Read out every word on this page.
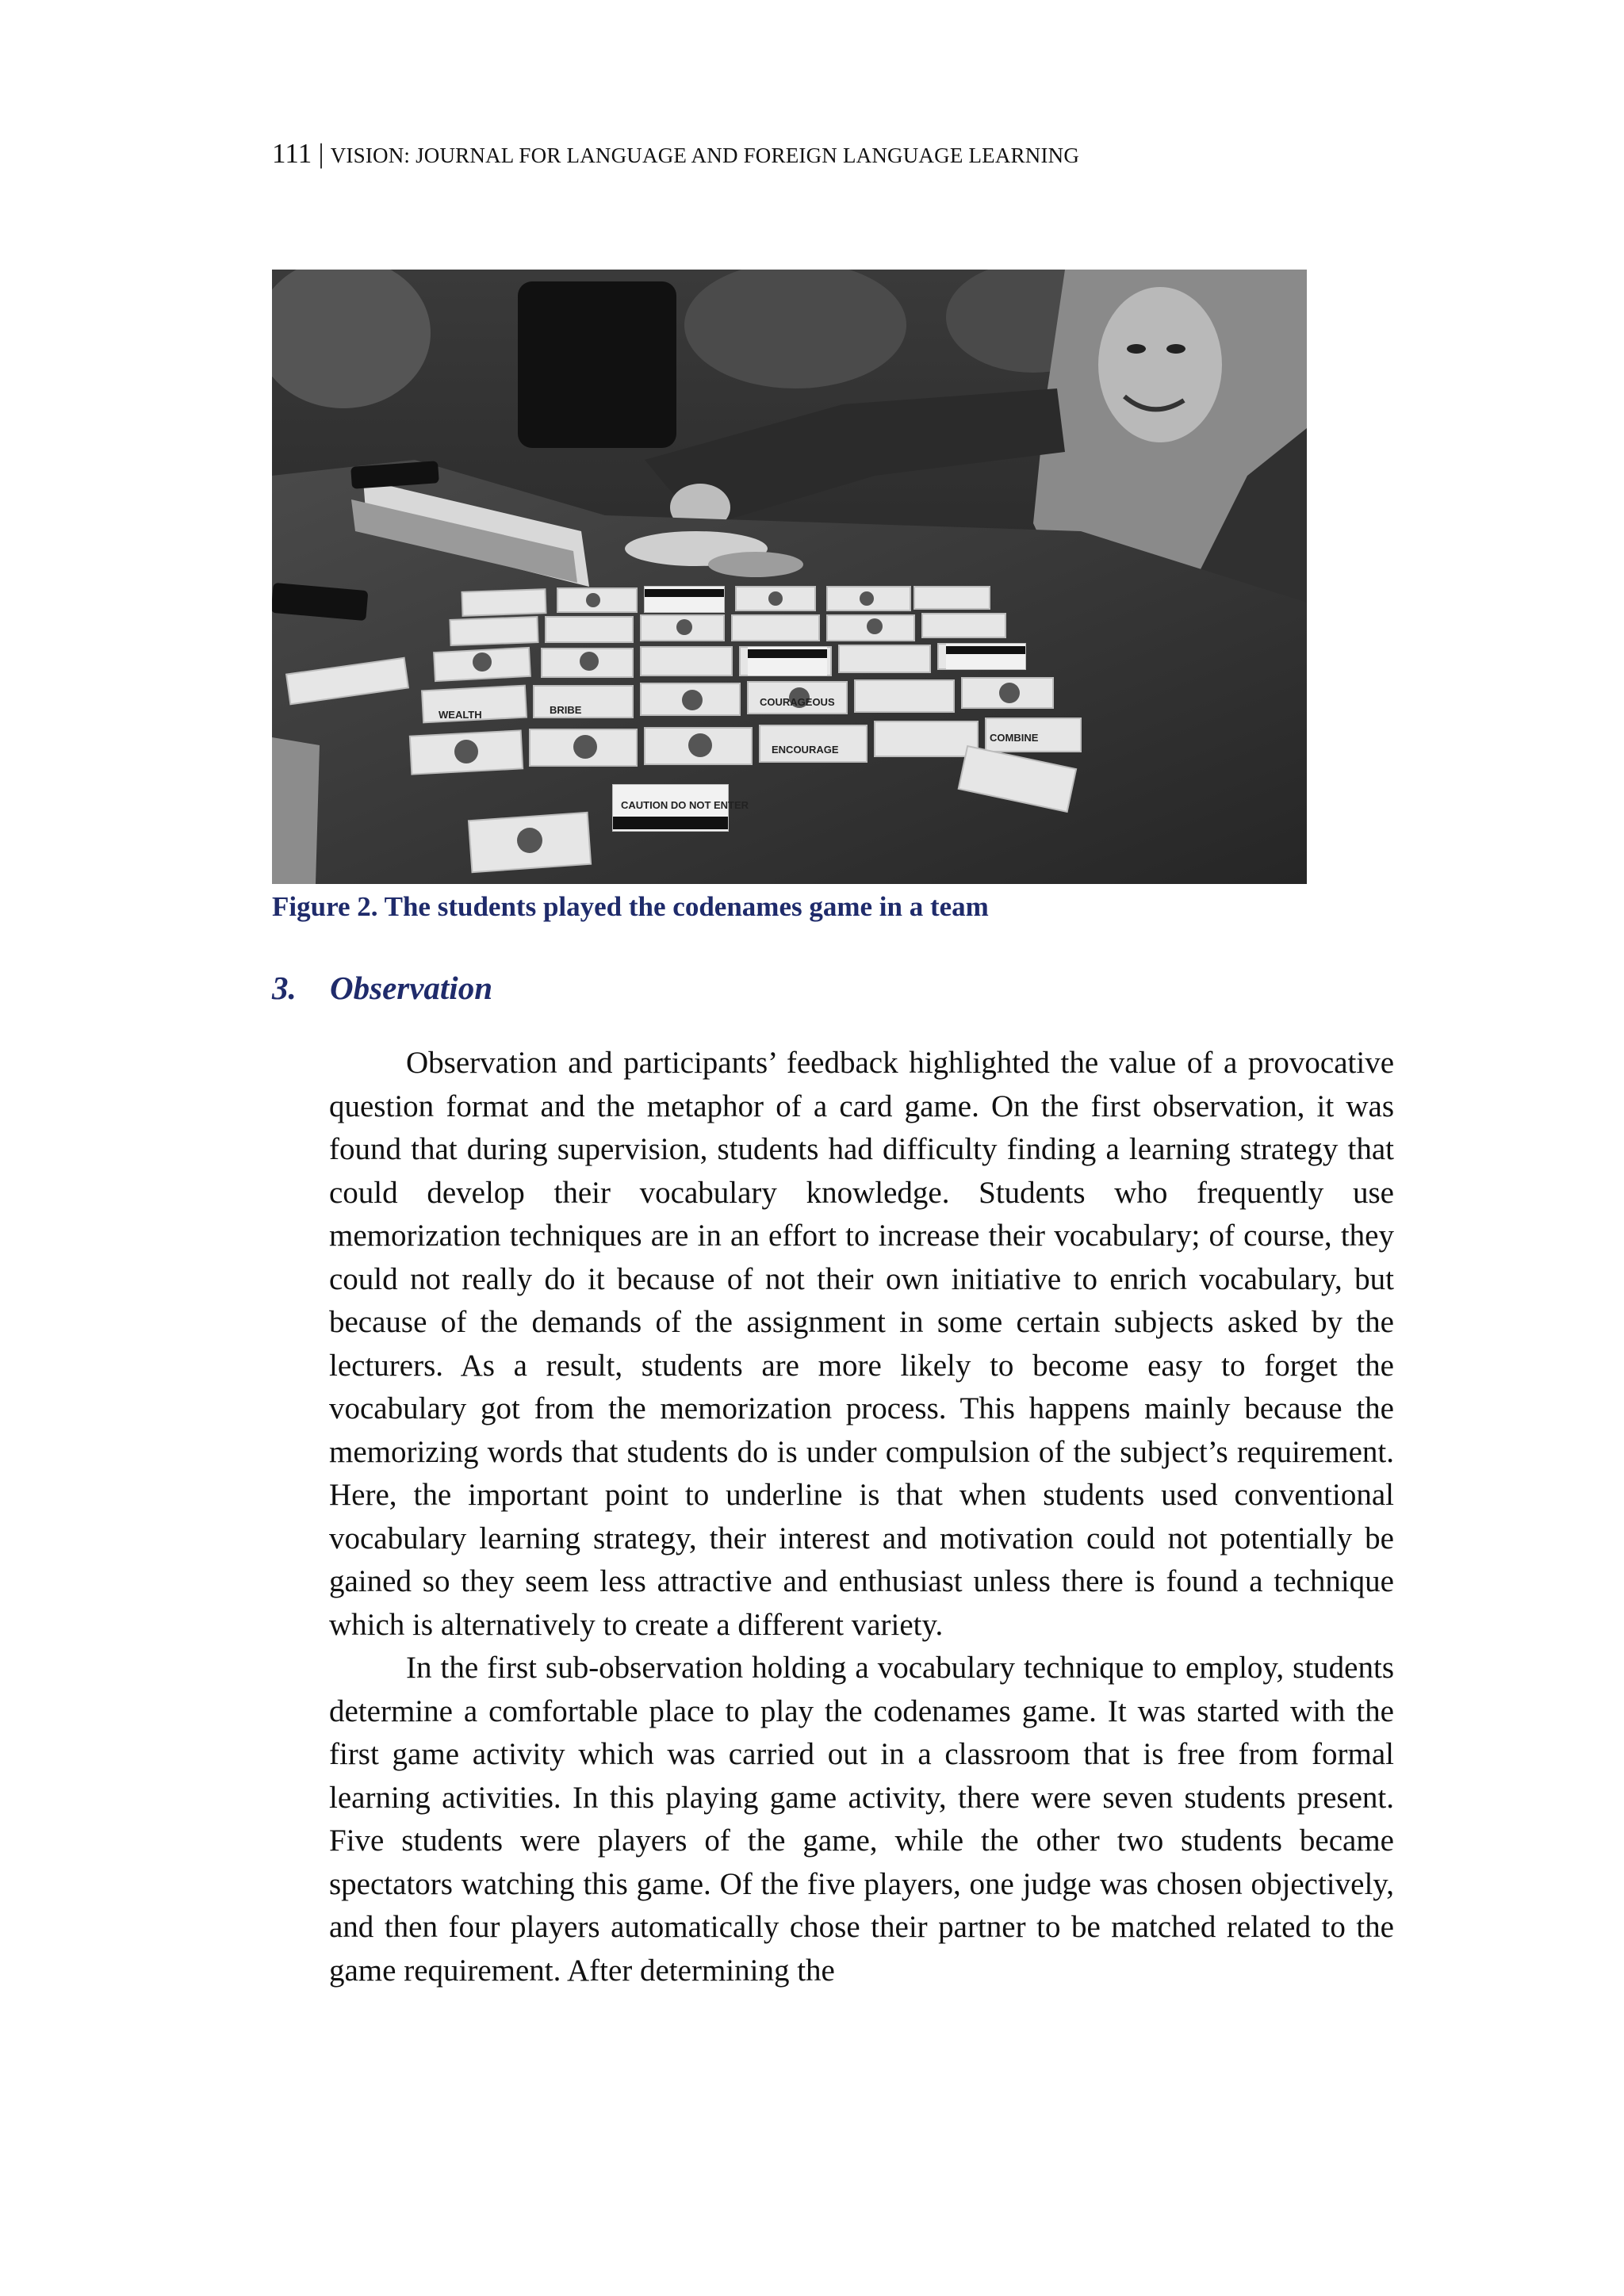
111 | VISION: JOURNAL FOR LANGUAGE AND FOREIGN LANGUAGE LEARNING
WEALTH	BRIBE
ENCOURAGE
COMBINE
COURAGEOUS
CAUTION DO NOT ENTER
Figure 2. The students played the codenames game in a team
3. Observation

Observation and participants’ feedback highlighted the value of a provocative question format and the metaphor of a card game. On the first observation, it was found that during supervision, students had difficulty finding a learning strategy that could develop their vocabulary knowledge. Students who frequently use memorization techniques are in an effort to increase their vocabulary; of course, they could not really do it because of not their own initiative to enrich vocabulary, but because of the demands of the assignment in some certain subjects asked by the lecturers. As a result, students are more likely to become easy to forget the vocabulary got from the memorization process. This happens mainly because the memorizing words that students do is under compulsion of the subject’s requirement. Here, the important point to underline is that when students used conventional vocabulary learning strategy, their interest and motivation could not potentially be gained so they seem less attractive and enthusiast unless there is found a technique which is alternatively to create a different variety.

In the first sub-observation holding a vocabulary technique to employ, students determine a comfortable place to play the codenames game. It was started with the first game activity which was carried out in a classroom that is free from formal learning activities. In this playing game activity, there were seven students present. Five students were players of the game, while the other two students became spectators watching this game. Of the five players, one judge was chosen objectively, and then four players automatically chose their partner to be matched related to the game requirement. After determining the
